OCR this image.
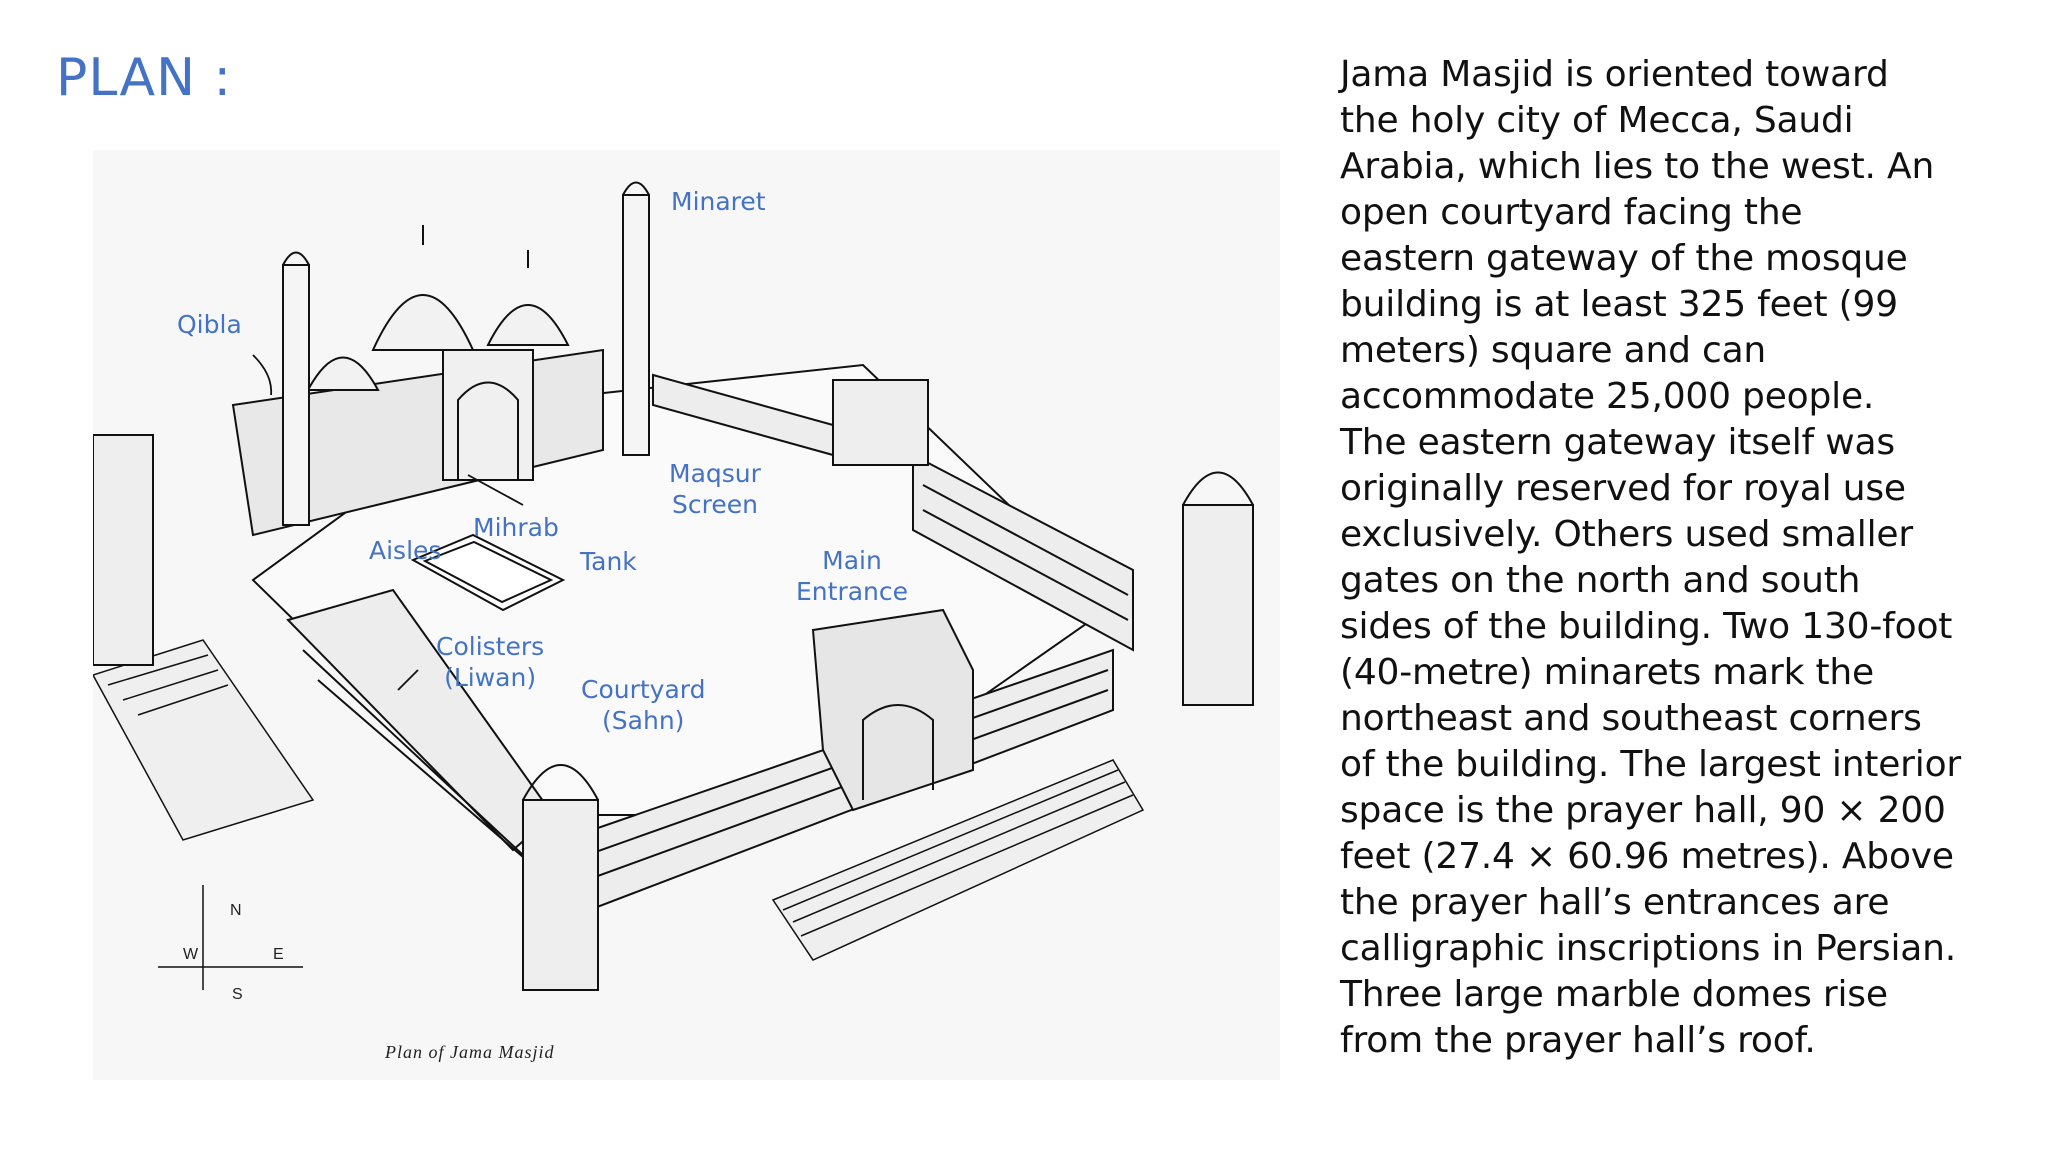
PLAN :
Minaret
Qibla
Maqsur
Screen
Mihrab
Aisles	Tank	Main
Entrance
Colisters
(Liwan)	Courtyard
(Sahn)
N
W	E
S
Plan of Jama Masjid
Jama Masjid is oriented toward
the holy city of Mecca, Saudi
Arabia, which lies to the west. An
open courtyard facing the
eastern gateway of the mosque
building is at least 325 feet (99
meters) square and can
accommodate 25,000 people.
The eastern gateway itself was
originally reserved for royal use
exclusively. Others used smaller
gates on the north and south
sides of the building. Two 130-foot
(40-metre) minarets mark the
northeast and southeast corners
of the building. The largest interior
space is the prayer hall, 90 × 200
feet (27.4 × 60.96 metres). Above
the prayer hall’s entrances are
calligraphic inscriptions in Persian.
Three large marble domes rise
from the prayer hall’s roof.
